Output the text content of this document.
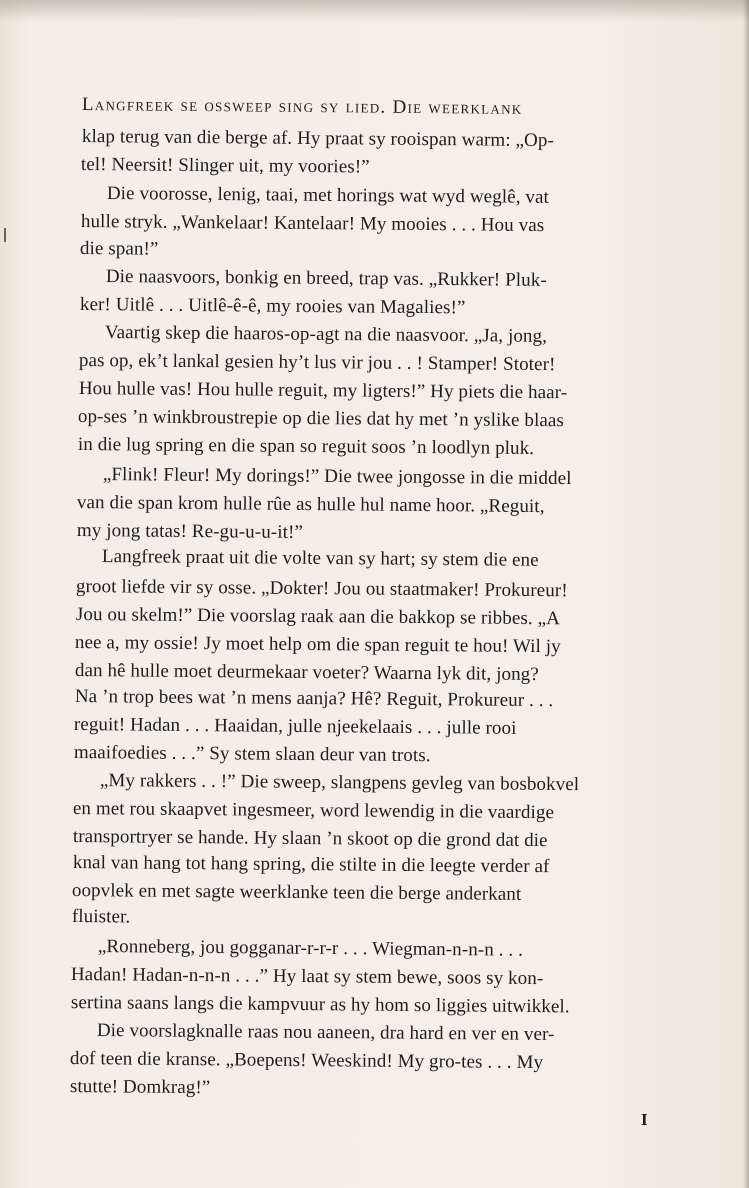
Langfreek se ossweep sing sy lied. Die weerklank
klap terug van die berge af. Hy praat sy rooispan warm: „Op-
tel! Neersit! Slinger uit, my voories!”
Die voorosse, lenig, taai, met horings wat wyd weglê, vat
hulle stryk. „Wankelaar! Kantelaar! My mooies . . . Hou vas
die span!”
Die naasvoors, bonkig en breed, trap vas. „Rukker! Pluk-
ker! Uitlê . . . Uitlê-ê-ê, my rooies van Magalies!”
Vaartig skep die haaros-op-agt na die naasvoor. „Ja, jong,
pas op, ek’t lankal gesien hy’t lus vir jou . . ! Stamper! Stoter!
Hou hulle vas! Hou hulle reguit, my ligters!” Hy piets die haar-
op-ses ’n winkbroustrepie op die lies dat hy met ’n yslike blaas
in die lug spring en die span so reguit soos ’n loodlyn pluk.
„Flink! Fleur! My dorings!” Die twee jongosse in die middel
van die span krom hulle rûe as hulle hul name hoor. „Reguit,
my jong tatas! Re-gu-u-u-it!”
Langfreek praat uit die volte van sy hart; sy stem die ene
groot liefde vir sy osse. „Dokter! Jou ou staatmaker! Prokureur!
Jou ou skelm!” Die voorslag raak aan die bakkop se ribbes. „A
nee a, my ossie! Jy moet help om die span reguit te hou! Wil jy
dan hê hulle moet deurmekaar voeter? Waarna lyk dit, jong?
Na ’n trop bees wat ’n mens aanja? Hê? Reguit, Prokureur . . .
reguit! Hadan . . . Haaidan, julle njeekelaais . . . julle rooi
maaifoedies . . .” Sy stem slaan deur van trots.
„My rakkers . . !” Die sweep, slangpens gevleg van bosbokvel
en met rou skaapvet ingesmeer, word lewendig in die vaardige
transportryer se hande. Hy slaan ’n skoot op die grond dat die
knal van hang tot hang spring, die stilte in die leegte verder af
oopvlek en met sagte weerklanke teen die berge anderkant
fluister.
„Ronneberg, jou gogganar-r-r-r . . . Wiegman-n-n-n . . .
Hadan! Hadan-n-n-n . . .” Hy laat sy stem bewe, soos sy kon-
sertina saans langs die kampvuur as hy hom so liggies uitwikkel.
Die voorslagknalle raas nou aaneen, dra hard en ver en ver-
dof teen die kranse. „Boepens! Weeskind! My gro-tes . . . My
stutte! Domkrag!”
I
